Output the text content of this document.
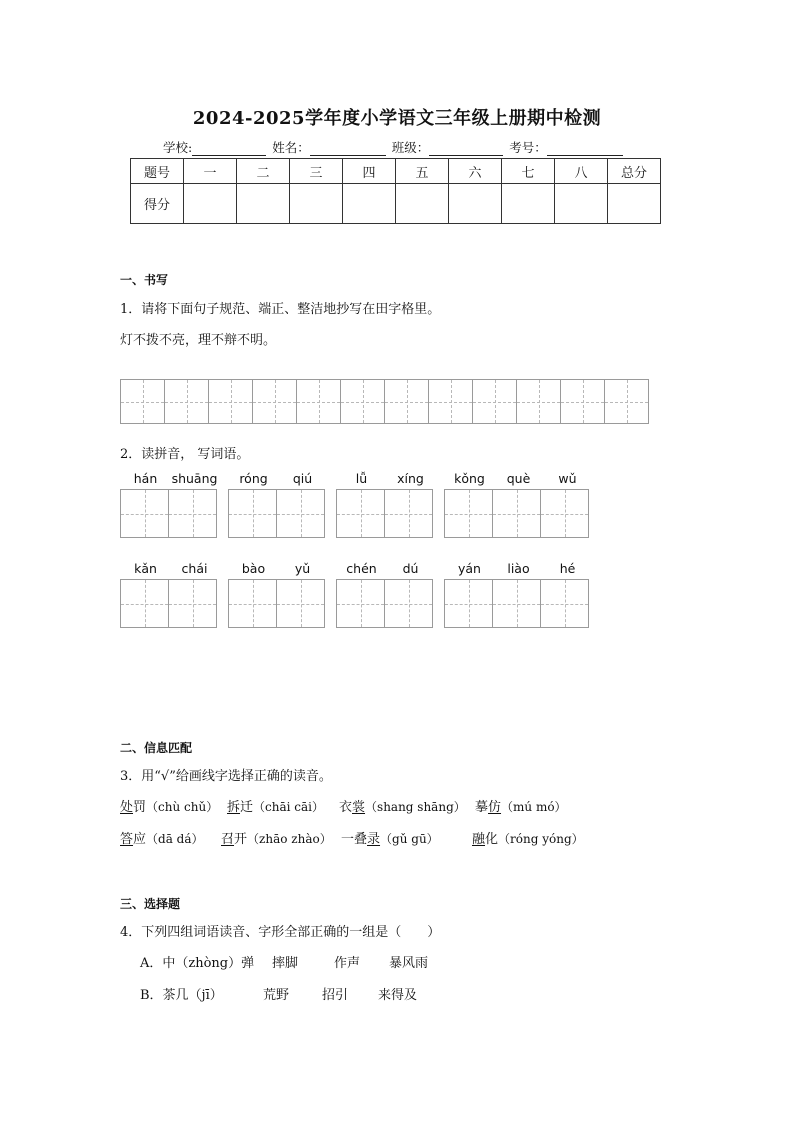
2024-2025学年度小学语文三年级上册期中检测
学校:	姓名：	班级：	考号：
题号	一	二	三	四	五	六	七	八	总分
得分									
一、书写
1．请将下面句子规范、端正、整洁地抄写在田字格里。
灯不拨不亮，理不辩不明。
2．读拼音， 写词语。
hán	shuāng	róng	qiú	lǚ	xíng	kǒng	què	wǔ
kǎn	chái	bào	yǔ	chén	dú	yán	liào	hé
二、信息匹配
3．用“√”给画线字选择正确的读音。
处罚（chù chǔ） 拆迁（chāi cāi） 衣裳（shang shāng） 摹仿（mú mó）
答应（dā dá） 召开（zhāo zhào） 一叠录（gǔ gū）	融化（róng yóng）
三、选择题
4．下列四组词语读音、字形全部正确的一组是（　　）
A．中（zhòng）弹 摔脚	作声 暴风雨
B．茶几（jī）	荒野	招引 来得及
